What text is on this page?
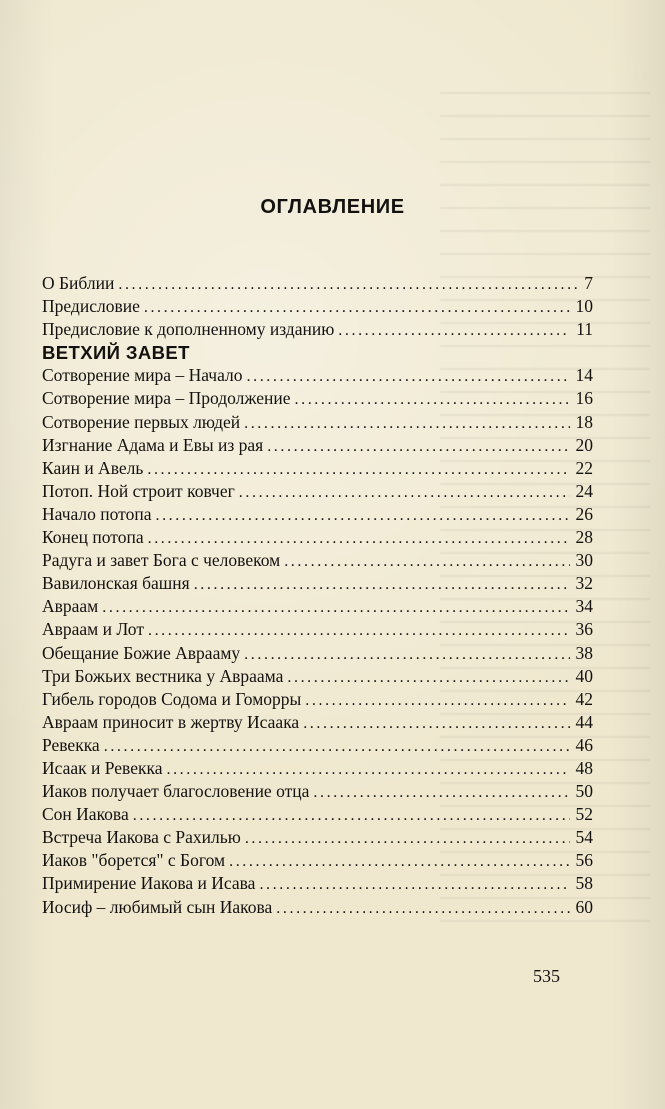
ОГЛАВЛЕНИЕ
О Библии .....	7
Предисловие .....	10
Предисловие к дополненному изданию .....	11
ВЕТХИЙ ЗАВЕТ
Сотворение мира – Начало .....	14
Сотворение мира – Продолжение .....	16
Сотворение первых людей .....	18
Изгнание Адама и Евы из рая .....	20
Каин и Авель .....	22
Потоп. Ной строит ковчег .....	24
Начало потопа .....	26
Конец потопа .....	28
Радуга и завет Бога с человеком .....	30
Вавилонская башня .....	32
Авраам .....	34
Авраам и Лот .....	36
Обещание Божие Аврааму .....	38
Три Божьих вестника у Авраама .....	40
Гибель городов Содома и Гоморры .....	42
Авраам приносит в жертву Исаака .....	44
Ревекка .....	46
Исаак и Ревекка .....	48
Иаков получает благословение отца .....	50
Сон Иакова .....	52
Встреча Иакова с Рахилью .....	54
Иаков "борется" с Богом .....	56
Примирение Иакова и Исава .....	58
Иосиф – любимый сын Иакова .....	60
535
